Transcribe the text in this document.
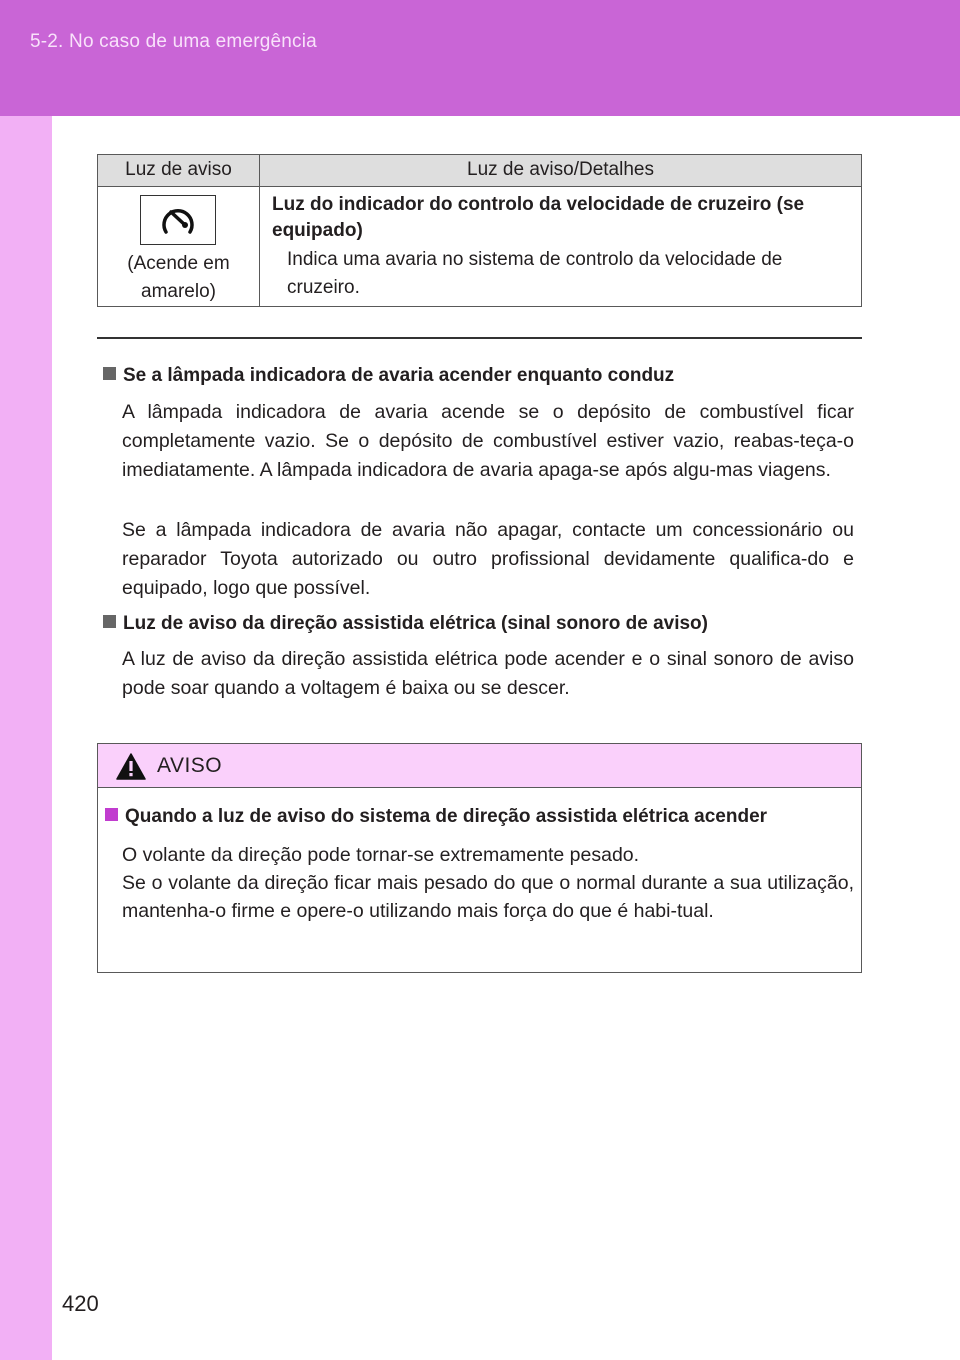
5-2. No caso de uma emergência
Luz de aviso	Luz de aviso/Detalhes
(Acende em
amarelo)
Luz do indicador do controlo da velocidade de cruzeiro (se equipado)
Indica uma avaria no sistema de controlo da velocidade de cruzeiro.
Se a lâmpada indicadora de avaria acender enquanto conduz
A lâmpada indicadora de avaria acende se o depósito de combustível ficar completamente vazio. Se o depósito de combustível estiver vazio, reabas-teça-o imediatamente. A lâmpada indicadora de avaria apaga-se após algu-mas viagens.
Se a lâmpada indicadora de avaria não apagar, contacte um concessionário ou reparador Toyota autorizado ou outro profissional devidamente qualifica-do e equipado, logo que possível.
Luz de aviso da direção assistida elétrica (sinal sonoro de aviso)
A luz de aviso da direção assistida elétrica pode acender e o sinal sonoro de aviso pode soar quando a voltagem é baixa ou se descer.
AVISO
Quando a luz de aviso do sistema de direção assistida elétrica acender

O volante da direção pode tornar-se extremamente pesado.

Se o volante da direção ficar mais pesado do que o normal durante a sua utilização, mantenha-o firme e opere-o utilizando mais força do que é habi-tual.

420
